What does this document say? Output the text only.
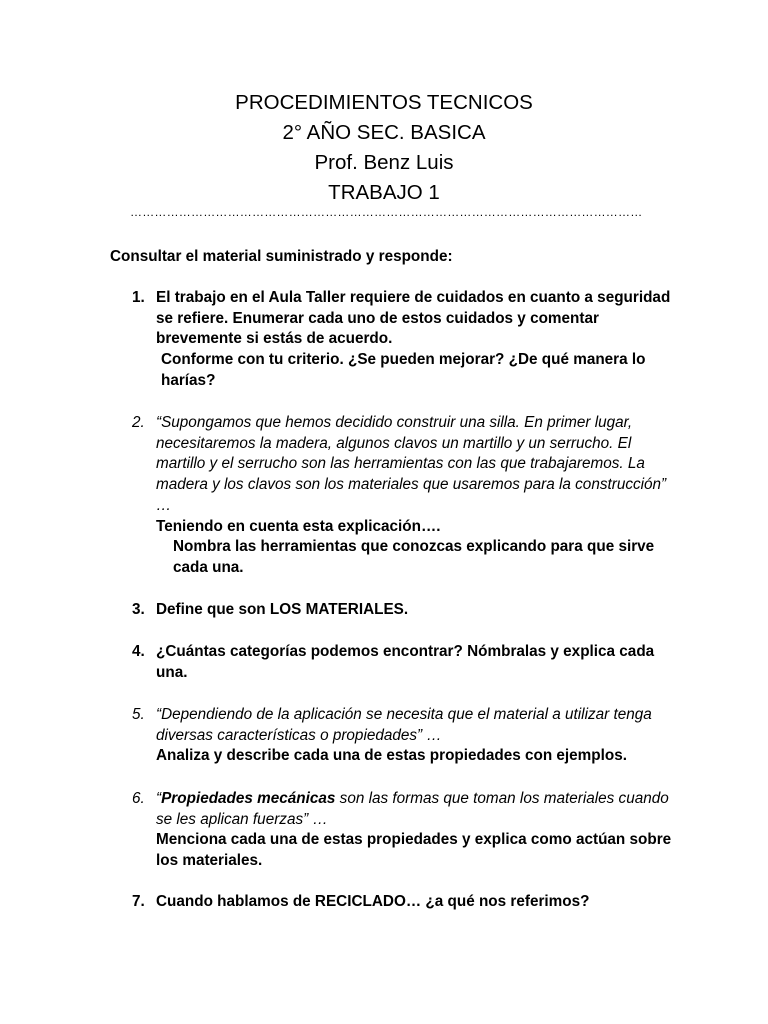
PROCEDIMIENTOS TECNICOS
2° AÑO SEC. BASICA
Prof. Benz Luis
TRABAJO 1
………………………………………………………………………………………………………………
Consultar el material suministrado y responde:
1. El trabajo en el Aula Taller requiere de cuidados en cuanto a seguridad se refiere. Enumerar cada uno de estos cuidados y comentar brevemente si estás de acuerdo.

Conforme con tu criterio. ¿Se pueden mejorar? ¿De qué manera lo harías?

2. “Supongamos que hemos decidido construir una silla. En primer lugar, necesitaremos la madera, algunos clavos un martillo y un serrucho. El martillo y el serrucho son las herramientas con las que trabajaremos. La madera y los clavos son los materiales que usaremos para la construcción” …

Teniendo en cuenta esta explicación….

Nombra las herramientas que conozcas explicando para que sirve cada una.

3. Define que son LOS MATERIALES.

4. ¿Cuántas categorías podemos encontrar? Nómbralas y explica cada una.

5. “Dependiendo de la aplicación se necesita que el material a utilizar tenga diversas características o propiedades” …

Analiza y describe cada una de estas propiedades con ejemplos.

6. “Propiedades mecánicas son las formas que toman los materiales cuando se les aplican fuerzas” …

Menciona cada una de estas propiedades y explica como actúan sobre los materiales.

7. Cuando hablamos de RECICLADO… ¿a qué nos referimos?
